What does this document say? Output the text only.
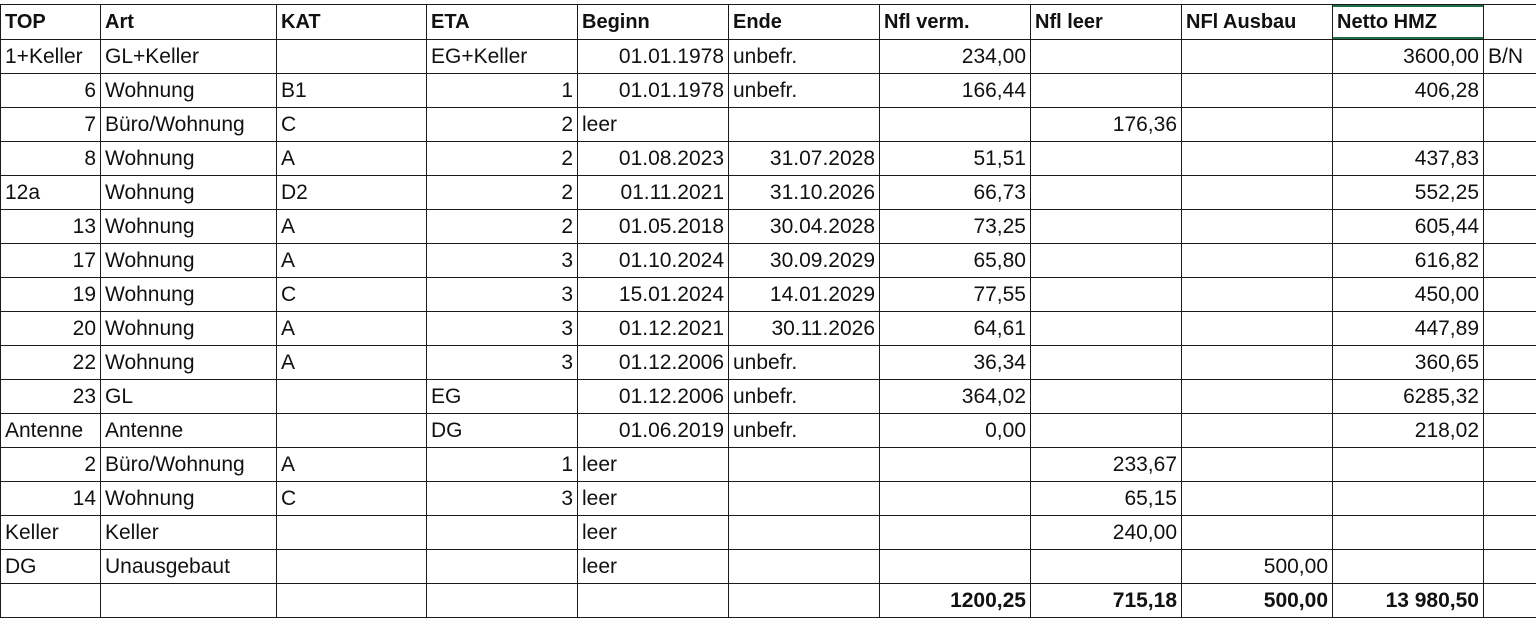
TOP	Art	KAT	ETA	Beginn	Ende	Nfl verm.	Nfl leer	NFl Ausbau	Netto HMZ	
1+Keller	GL+Keller		EG+Keller	01.01.1978	unbefr.	234,00			3600,00	B/N
6	Wohnung	B1	1	01.01.1978	unbefr.	166,44			406,28	
7	Büro/Wohnung	C	2	leer			176,36			
8	Wohnung	A	2	01.08.2023	31.07.2028	51,51			437,83	
12a	Wohnung	D2	2	01.11.2021	31.10.2026	66,73			552,25	
13	Wohnung	A	2	01.05.2018	30.04.2028	73,25			605,44	
17	Wohnung	A	3	01.10.2024	30.09.2029	65,80			616,82	
19	Wohnung	C	3	15.01.2024	14.01.2029	77,55			450,00	
20	Wohnung	A	3	01.12.2021	30.11.2026	64,61			447,89	
22	Wohnung	A	3	01.12.2006	unbefr.	36,34			360,65	
23	GL		EG	01.12.2006	unbefr.	364,02			6285,32	
Antenne	Antenne		DG	01.06.2019	unbefr.	0,00			218,02	
2	Büro/Wohnung	A	1	leer			233,67			
14	Wohnung	C	3	leer			65,15			
Keller	Keller			leer			240,00			
DG	Unausgebaut			leer				500,00		
						1200,25	715,18	500,00	13 980,50	
